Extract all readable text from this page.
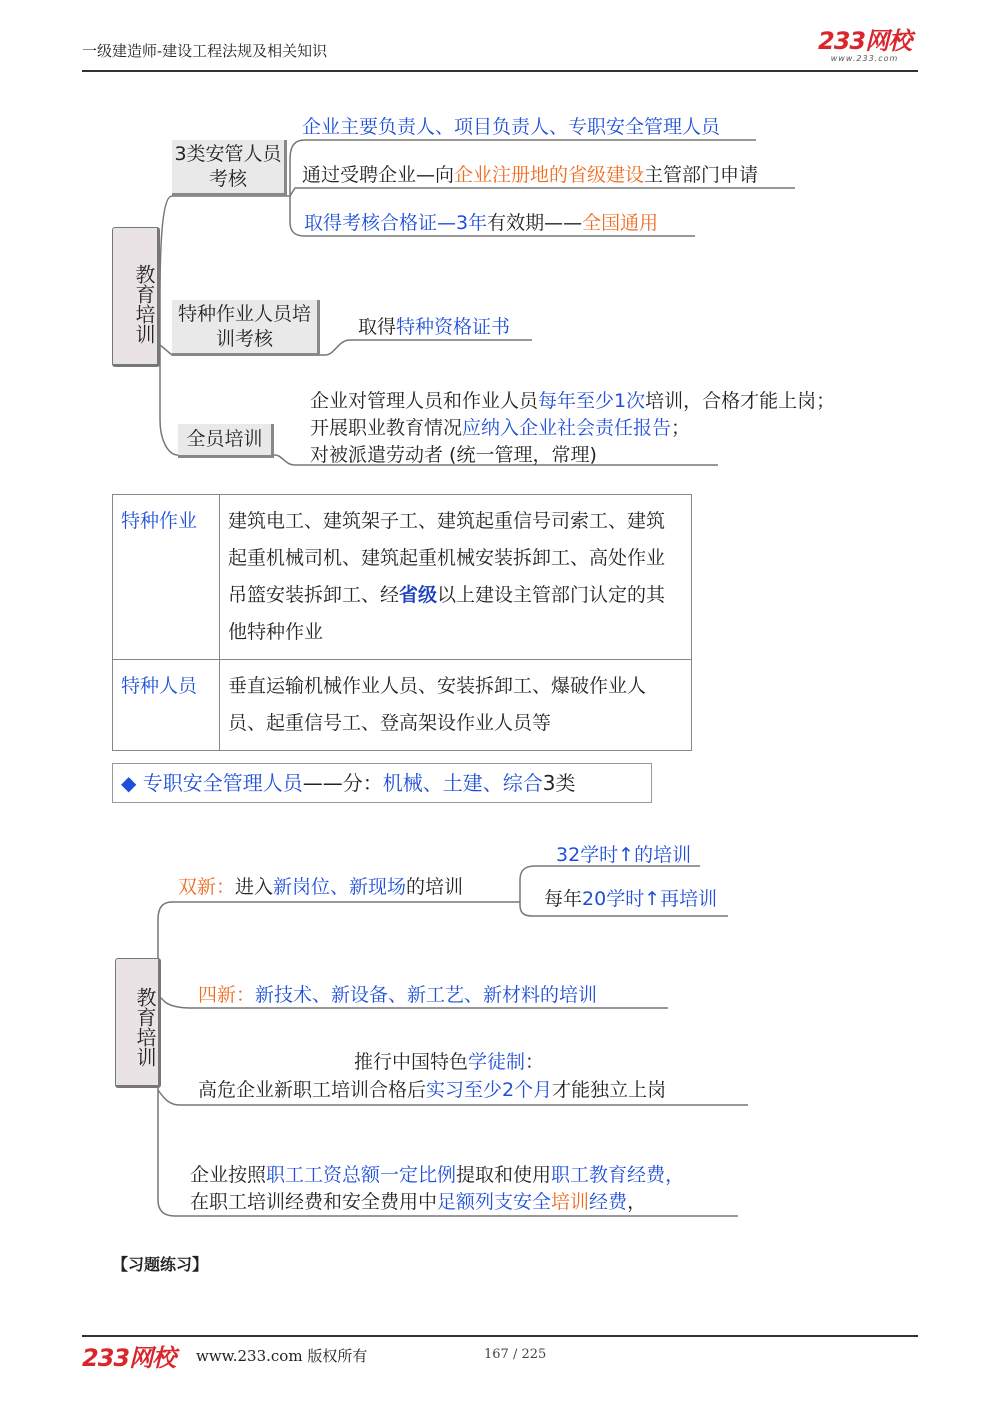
一级建造师-建设工程法规及相关知识	233网校
www.233.com
教育培训
3类安管人员考核
企业主要负责人、项目负责人、专职安全管理人员
通过受聘企业—向企业注册地的省级建设主管部门申请
取得考核合格证—3年有效期——全国通用
特种作业人员培训考核
取得特种资格证书
全员培训
企业对管理人员和作业人员每年至少1次培训，合格才能上岗；
开展职业教育情况应纳入企业社会责任报告；
对被派遣劳动者 (统一管理，常理)
特种作业	建筑电工、建筑架子工、建筑起重信号司索工、建筑起重机械司机、建筑起重机械安装拆卸工、高处作业吊篮安装拆卸工、经省级以上建设主管部门认定的其他特种作业
特种人员	垂直运输机械作业人员、安装拆卸工、爆破作业人员、起重信号工、登高架设作业人员等
◆ 专职安全管理人员——分：机械、土建、综合3类
教育培训
双新：进入新岗位、新现场的培训
32学时↑的培训
每年20学时↑再培训
四新：新技术、新设备、新工艺、新材料的培训
推行中国特色学徒制：
高危企业新职工培训合格后实习至少2个月才能独立上岗
企业按照职工工资总额一定比例提取和使用职工教育经费，
在职工培训经费和安全费用中足额列支安全培训经费，
【习题练习】
233网校 www.233.com 版权所有	167 / 225
